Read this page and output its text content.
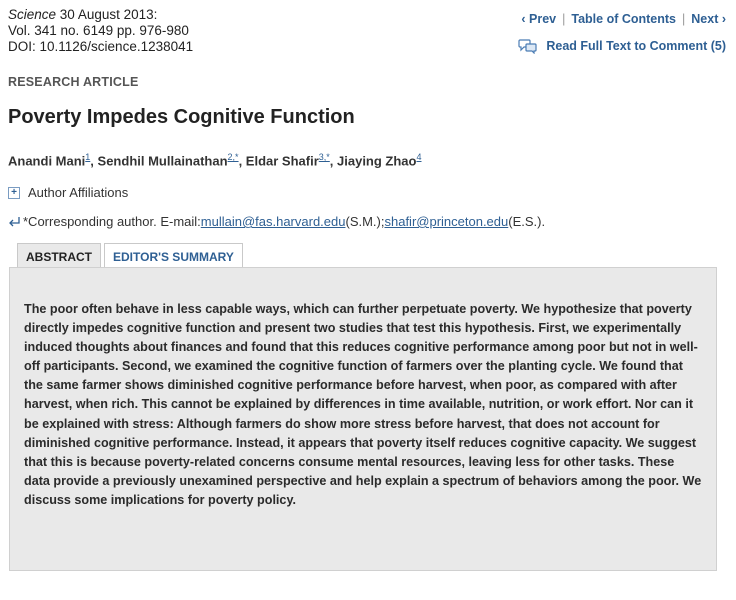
Science 30 August 2013:
Vol. 341 no. 6149 pp. 976-980
DOI: 10.1126/science.1238041
‹ Prev | Table of Contents | Next ›
Read Full Text to Comment (5)
RESEARCH ARTICLE
Poverty Impedes Cognitive Function
Anandi Mani$^1$, Sendhil Mullainathan$^{2,*}$, Eldar Shafir$^{3,*}$, Jiaying Zhao$^4$
+ Author Affiliations
*Corresponding author. E-mail: mullain@fas.harvard.edu (S.M.); shafir@princeton.edu (E.S.).
ABSTRACT	EDITOR'S SUMMARY

The poor often behave in less capable ways, which can further perpetuate poverty. We hypothesize that poverty directly impedes cognitive function and present two studies that test this hypothesis. First, we experimentally induced thoughts about finances and found that this reduces cognitive performance among poor but not in well-off participants. Second, we examined the cognitive function of farmers over the planting cycle. We found that the same farmer shows diminished cognitive performance before harvest, when poor, as compared with after harvest, when rich. This cannot be explained by differences in time available, nutrition, or work effort. Nor can it be explained with stress: Although farmers do show more stress before harvest, that does not account for diminished cognitive performance. Instead, it appears that poverty itself reduces cognitive capacity. We suggest that this is because poverty-related concerns consume mental resources, leaving less for other tasks. These data provide a previously unexamined perspective and help explain a spectrum of behaviors among the poor. We discuss some implications for poverty policy.
